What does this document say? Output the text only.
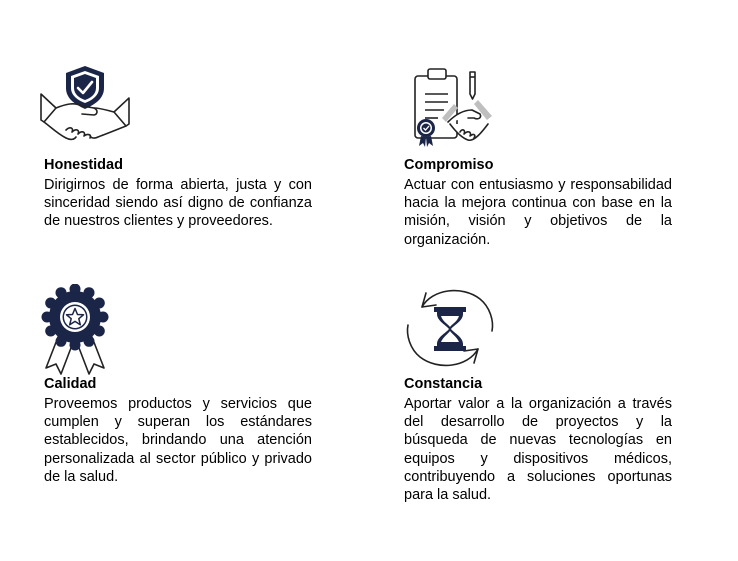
Honestidad
Dirigirnos de forma abierta, justa y con sinceridad siendo así digno de confianza de nuestros clientes y proveedores.
Compromiso
Actuar con entusiasmo y responsabilidad hacia la mejora continua con base en la misión, visión y objetivos de la organización.
Calidad
Proveemos productos y servicios que cumplen y superan los estándares establecidos, brindando una atención personalizada al sector público y privado de la salud.
Constancia
Aportar valor a la organización a través del desarrollo de proyectos y la búsqueda de nuevas tecnologías en equipos y dispositivos médicos, contribuyendo a soluciones oportunas para la salud.
